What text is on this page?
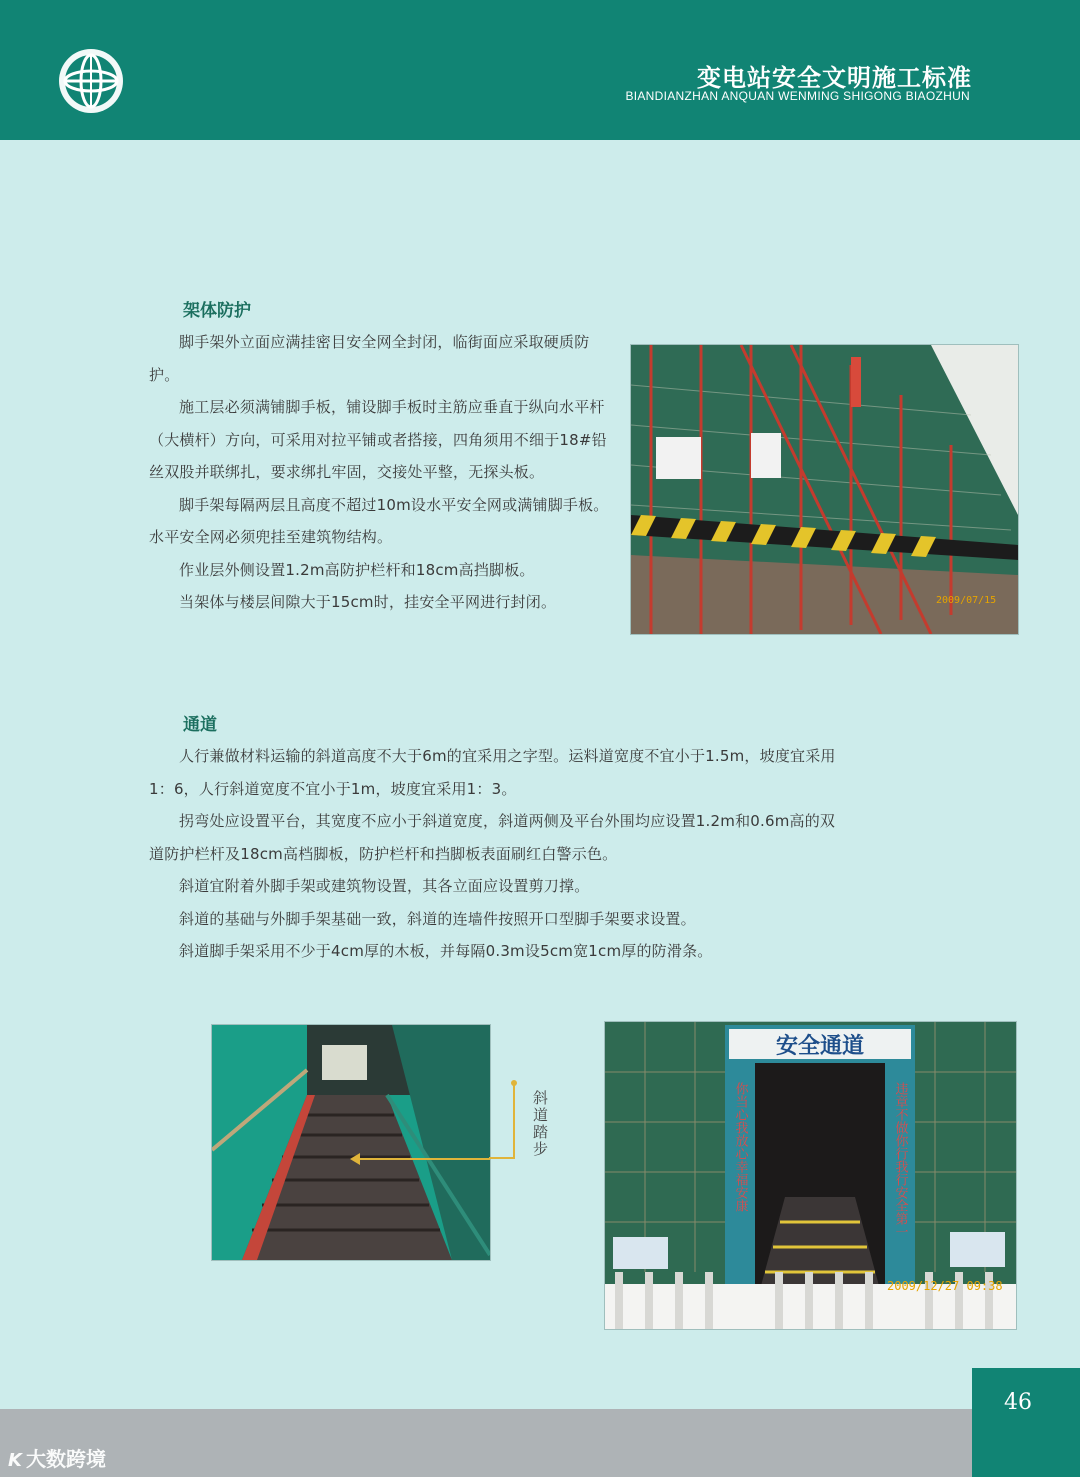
变电站安全文明施工标准
BIANDIANZHAN ANQUAN WENMING SHIGONG BIAOZHUN
架体防护
脚手架外立面应满挂密目安全网全封闭，临街面应采取硬质防护。
施工层必须满铺脚手板，铺设脚手板时主筋应垂直于纵向水平杆（大横杆）方向，可采用对拉平铺或者搭接，四角须用不细于18#铅丝双股并联绑扎，要求绑扎牢固，交接处平整，无探头板。
脚手架每隔两层且高度不超过10m设水平安全网或满铺脚手板。水平安全网必须兜挂至建筑物结构。
作业层外侧设置1.2m高防护栏杆和18cm高挡脚板。
当架体与楼层间隙大于15cm时，挂安全平网进行封闭。	2009/07/15
通道
人行兼做材料运输的斜道高度不大于6m的宜采用之字型。运料道宽度不宜小于1.5m，坡度宜采用1：6，人行斜道宽度不宜小于1m，坡度宜采用1：3。
拐弯处应设置平台，其宽度不应小于斜道宽度，斜道两侧及平台外围均应设置1.2m和0.6m高的双道防护栏杆及18cm高档脚板，防护栏杆和挡脚板表面刷红白警示色。
斜道宜附着外脚手架或建筑物设置，其各立面应设置剪刀撑。
斜道的基础与外脚手架基础一致，斜道的连墙件按照开口型脚手架要求设置。
斜道脚手架采用不少于4cm厚的木板，并每隔0.3m设5cm宽1cm厚的防滑条。
斜道踏步
安全通道
你当心我放心幸福安康	违章不做你行我行安全第一
2009/12/27 09:38
46
K 大数跨境
